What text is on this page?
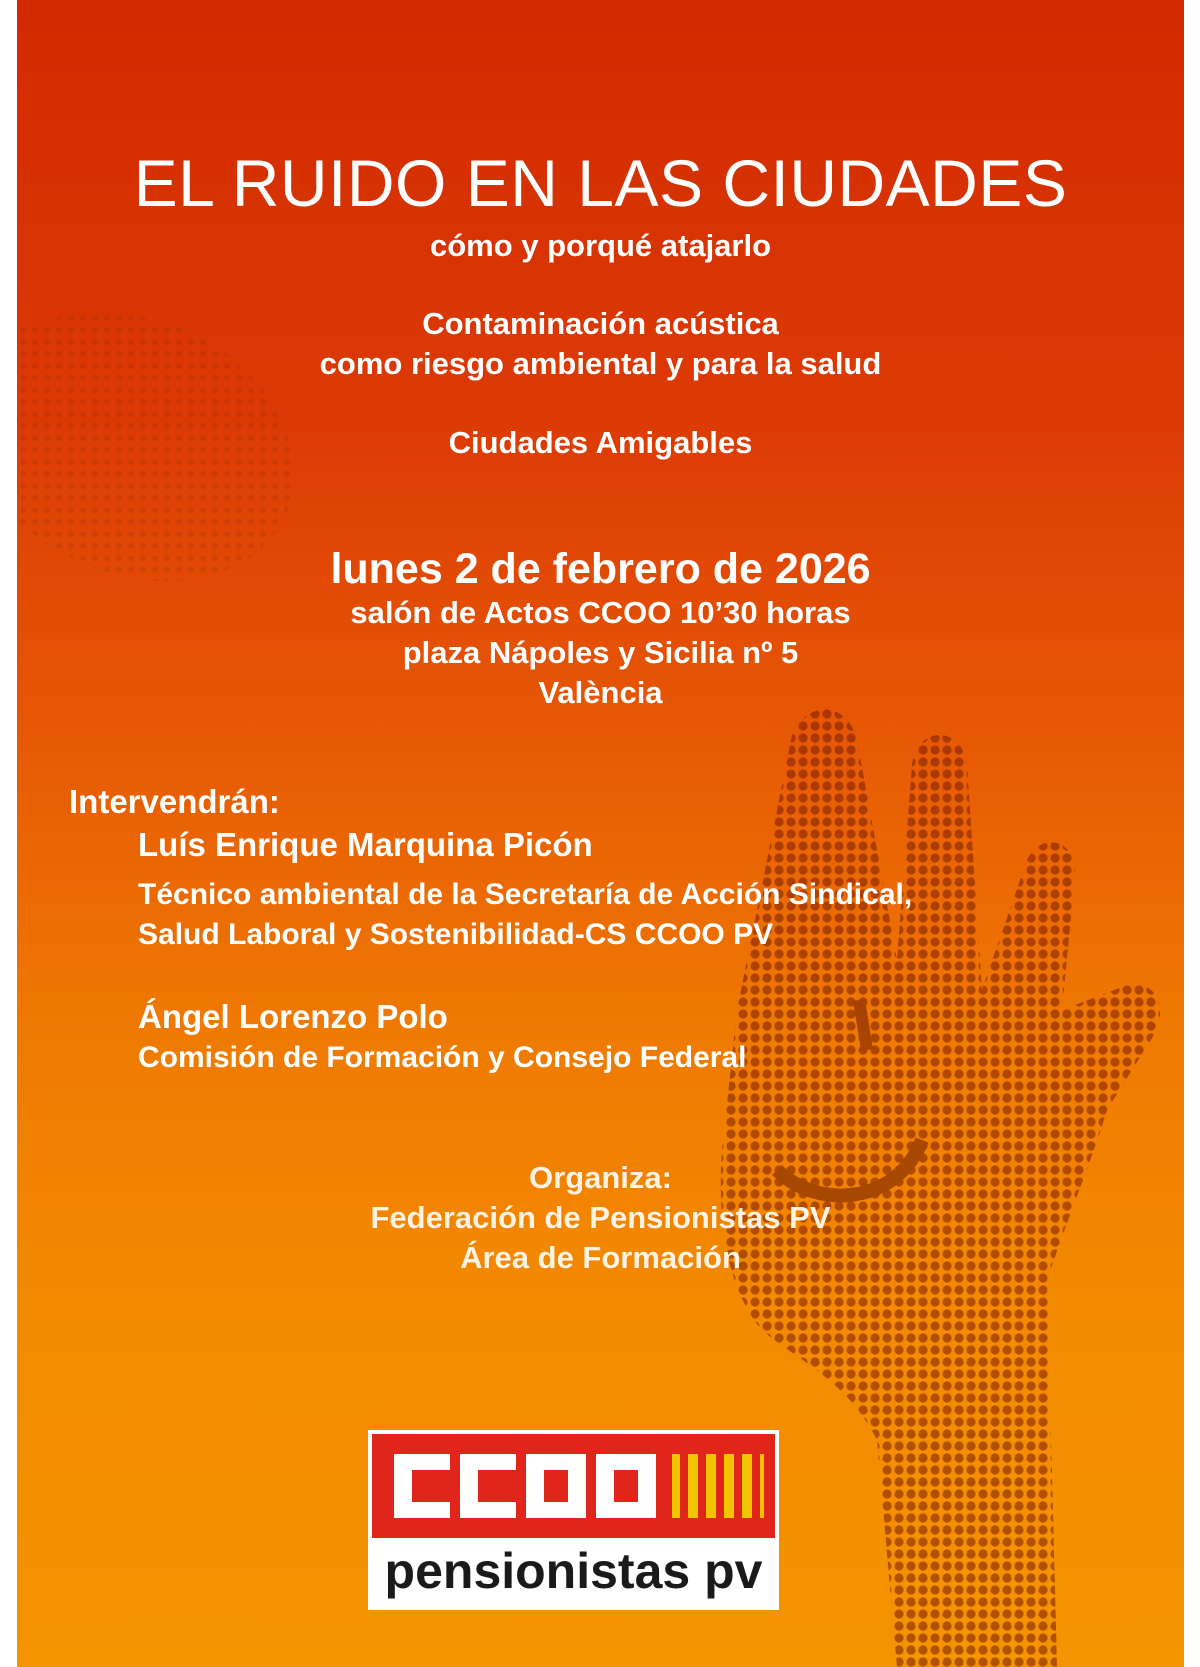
EL RUIDO EN LAS CIUDADES
cómo y porqué atajarlo
Contaminación acústica
como riesgo ambiental y para la salud
Ciudades Amigables
lunes 2 de febrero de 2026
salón de Actos CCOO 10’30 horas
plaza Nápoles y Sicilia nº 5
València
Intervendrán:
Luís Enrique Marquina Picón
Técnico ambiental de la Secretaría de Acción Sindical,
Salud Laboral y Sostenibilidad-CS CCOO PV
Ángel Lorenzo Polo
Comisión de Formación y Consejo Federal
Organiza:
Federación de Pensionistas PV
Área de Formación
pensionistas pv
